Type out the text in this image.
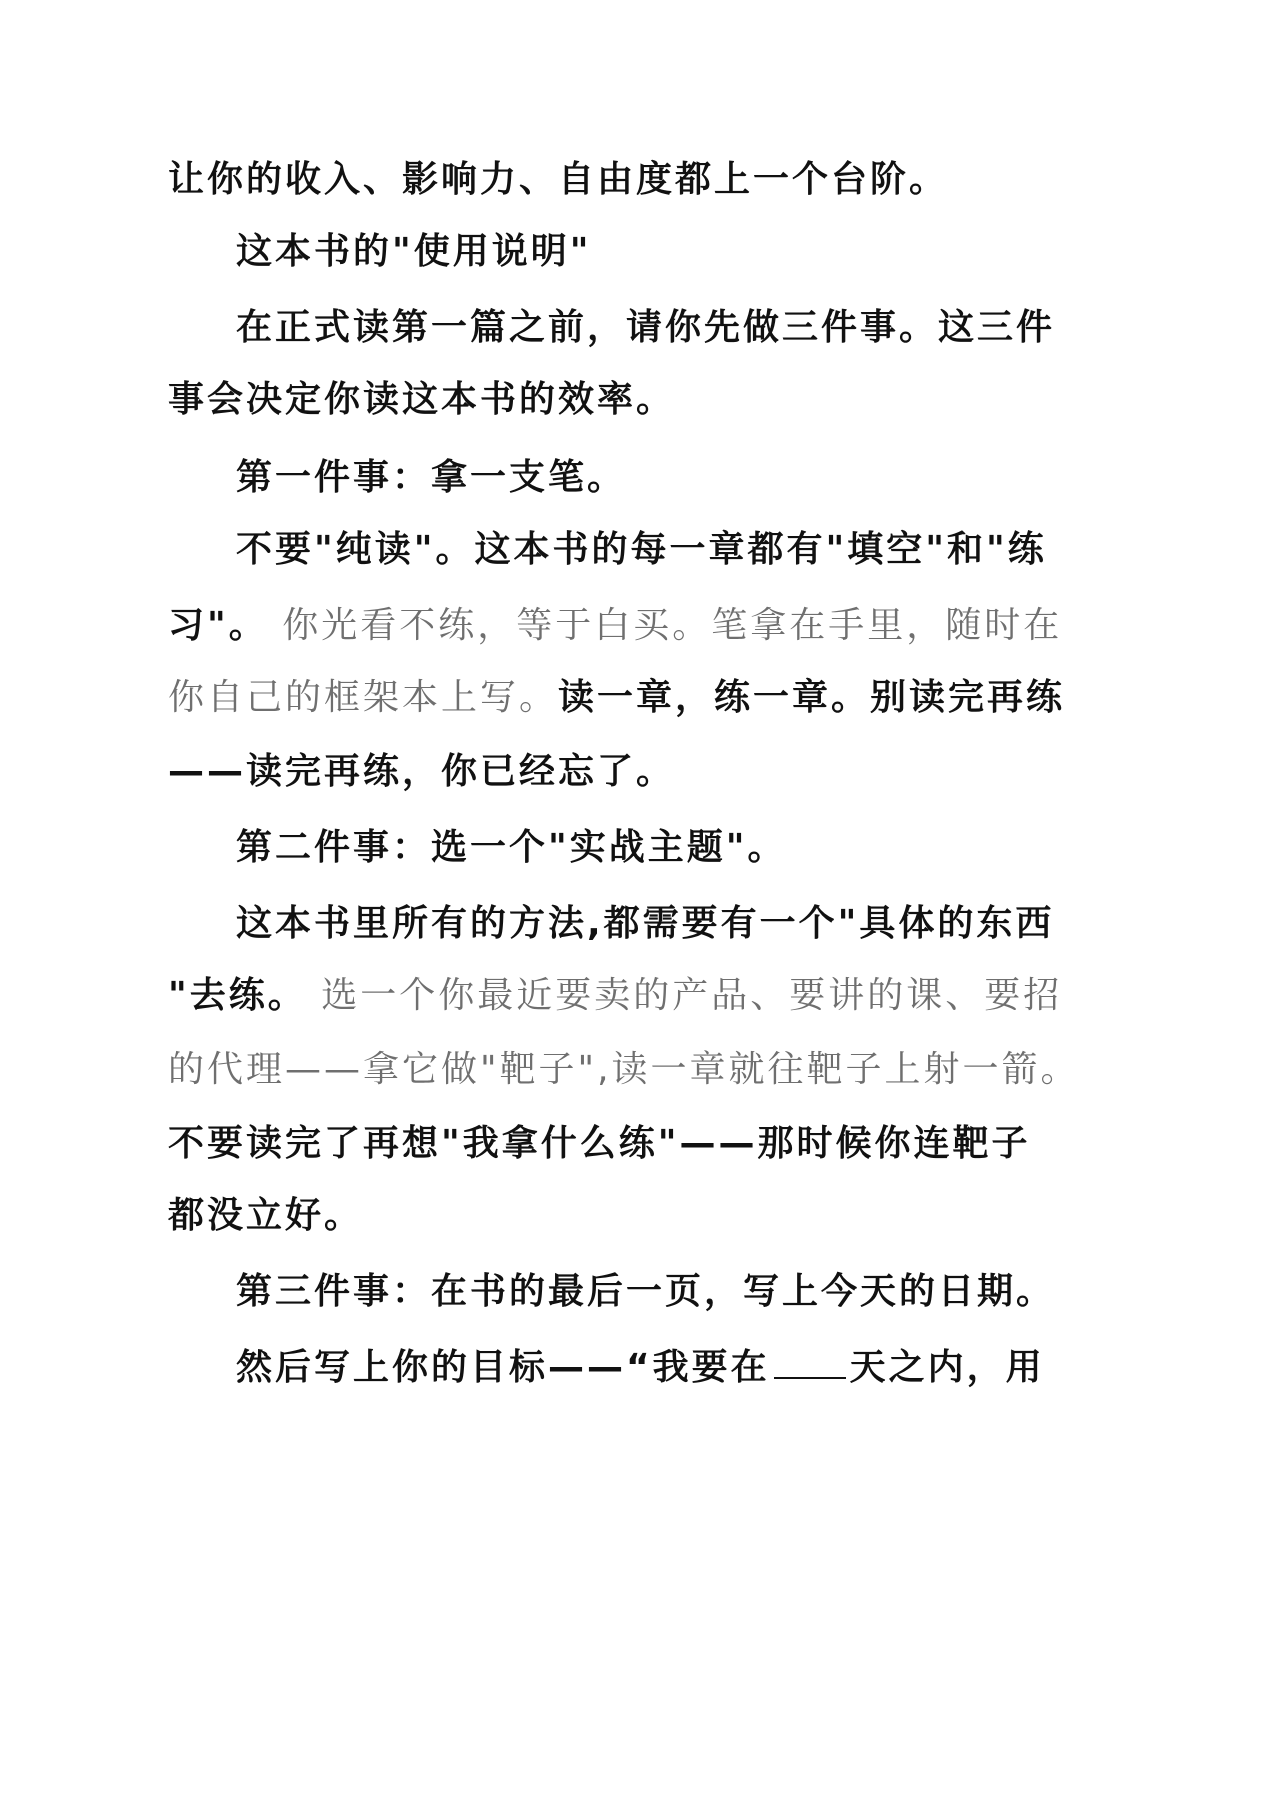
让你的收入、影响力、自由度都上一个台阶。
这本书的"使用说明"
在正式读第一篇之前，请你先做三件事。这三件
事会决定你读这本书的效率。
第一件事：拿一支笔。
不要"纯读"。这本书的每一章都有"填空"和"练
习"。 你光看不练，等于白买。笔拿在手里，随时在
你自己的框架本上写。读一章，练一章。别读完再练
——读完再练，你已经忘了。
第二件事：选一个"实战主题"。
这本书里所有的方法,都需要有一个"具体的东西
"去练。 选一个你最近要卖的产品、要讲的课、要招
的代理——拿它做"靶子",读一章就往靶子上射一箭。
不要读完了再想"我拿什么练"——那时候你连靶子
都没立好。
第三件事：在书的最后一页，写上今天的日期。
然后写上你的目标——“我要在 天之内，用
